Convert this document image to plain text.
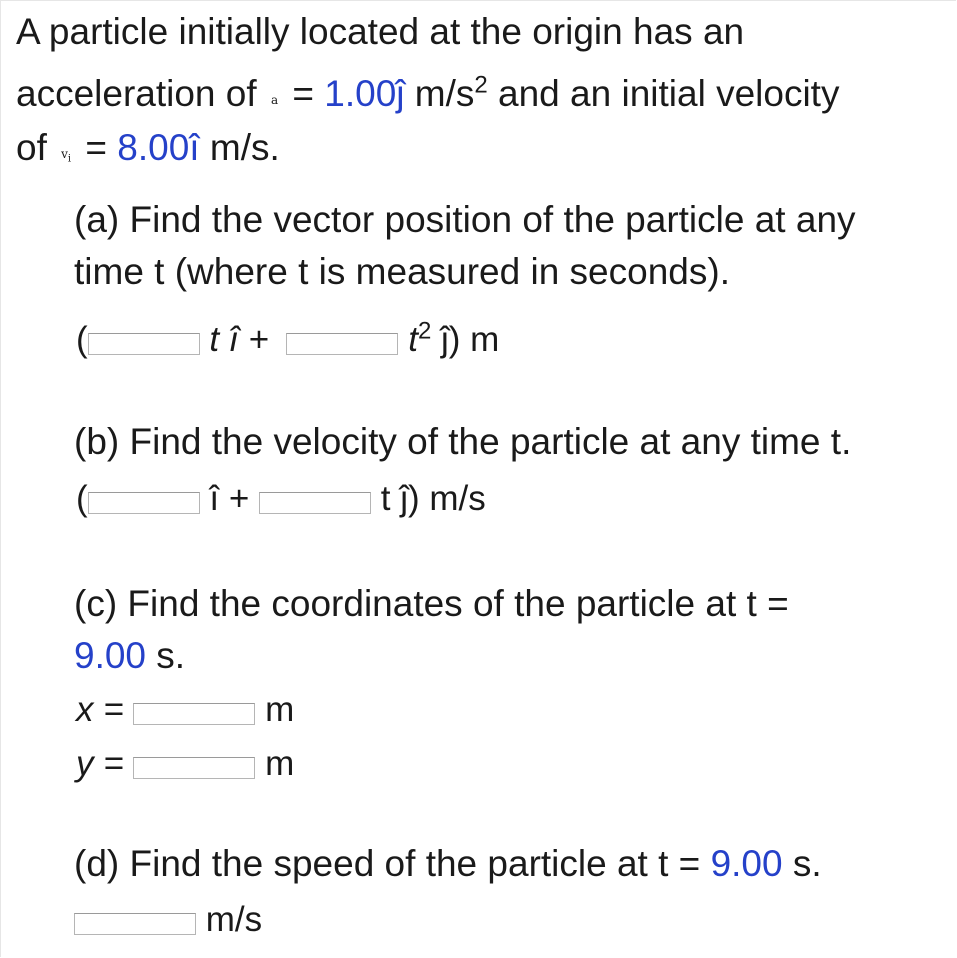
A particle initially located at the origin has an
acceleration of a = 1.00ĵ $m/s^2$ and an initial velocity
of $v_i$ = 8.00î m/s.
(a) Find the vector position of the particle at any
time t (where t is measured in seconds).
(	t î +	$t^2$ ĵ) m
(b) Find the velocity of the particle at any time t.
(	î +	t ĵ) m/s
(c) Find the coordinates of the particle at t =
9.00 s.
x =	m
y =	m
(d) Find the speed of the particle at t = 9.00 s.
m/s
